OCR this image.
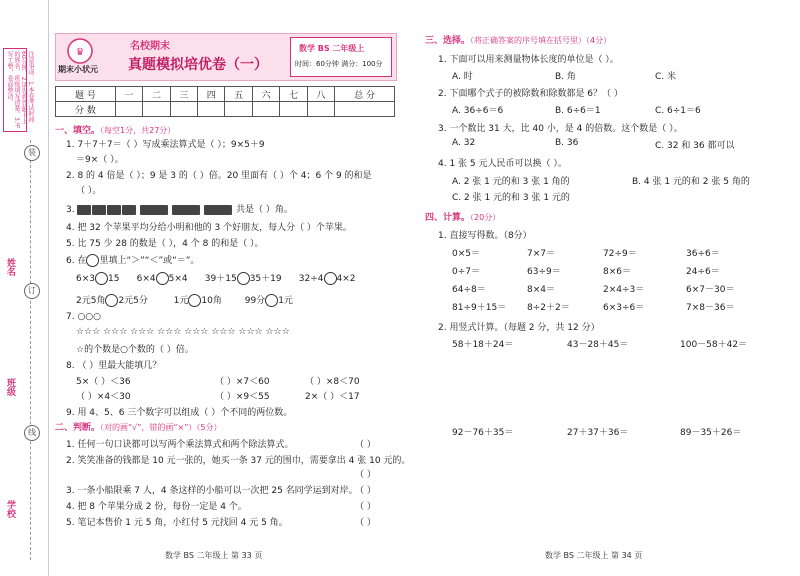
注意事项：1.本卷考试时间60分钟。2.请先将答题卡上的姓名、班级填写清楚。3.书写工整，卷面整洁。
装
订
线
姓名
班级
学校
♛
期末小状元
名校期末
真题模拟培优卷（一）
数学 BS 二年级上
时间：60分钟 满分：100分
题 号	一	二	三	四	五	六	七	八	总 分
分 数									
一、填空。（每空1分，共27分）
1. 7＋7＋7＝（ ）写成乘法算式是（ ）；9×5＋9
＝9×（ ）。
2. 8 的 4 倍是（ ）；9 是 3 的（ ）倍。20 里面有（ ）个 4；6 个 9 的和是
（ ）。
3.	共是（ ）角。
4. 把 32 个苹果平均分给小明和他的 3 个好朋友，每人分（ ）个苹果。
5. 比 75 少 28 的数是（ ），4 个 8 的和是（ ）。
6. 在 里填上“＞”“＜”或“＝”。
6×3 15 6×4 5×4 39＋15 35＋19 32÷4 4×2
2元5角 2元5分	1元 10角	99分 1元
7. ○○○
☆☆☆ ☆☆☆ ☆☆☆ ☆☆☆ ☆☆☆ ☆☆☆ ☆☆☆ ☆☆☆
☆的个数是○个数的（ ）倍。
8. （ ）里最大能填几？
5×（ ）＜36	（ ）×7＜60	（ ）×8＜70
（ ）×4＜30	（ ）×9＜55	2×（ ）＜17
9. 用 4、5、6 三个数字可以组成（ ）个不同的两位数。
二、判断。（对的画“√”，错的画“×”）（5分）
1. 任何一句口诀都可以写两个乘法算式和两个除法算式。	（ ）
2. 笑笑准备的钱都是 10 元一张的，她买一条 37 元的围巾，需要拿出 4 张 10 元的。
（ ）
3. 一条小船限乘 7 人，4 条这样的小船可以一次把 25 名同学运到对岸。
（ ）
4. 把 8 个苹果分成 2 份，每份一定是 4 个。	（ ）
5. 笔记本售价 1 元 5 角，小红付 5 元找回 4 元 5 角。	（ ）
数学 BS 二年级上 第 33 页
三、选择。（将正确答案的序号填在括号里）（4分）
1. 下面可以用来测量物体长度的单位是（ ）。
A. 时	B. 角	C. 米
2. 下面哪个式子的被除数和除数都是 6？（ ）
A. 36÷6＝6	B. 6÷6＝1	C. 6÷1＝6
3. 一个数比 31 大，比 40 小，是 4 的倍数。这个数是（ ）。
A. 32	B. 36	C. 32 和 36 都可以
4. 1 张 5 元人民币可以换（ ）。
A. 2 张 1 元的和 3 张 1 角的	B. 4 张 1 元的和 2 张 5 角的
C. 2 张 1 元的和 3 张 1 元的
四、计算。（20分）
1. 直接写得数。（8分）
0×5＝	7×7＝	72÷9＝	36÷6＝
0÷7＝	63÷9＝	8×6＝	24÷6＝
64÷8＝	8×4＝	2×4÷3＝	6×7－30＝
81÷9＋15＝ 8÷2＋2＝	6×3÷6＝	7×8－36＝
2. 用竖式计算。（每题 2 分，共 12 分）
58＋18＋24＝	43－28＋45＝	100－58＋42＝
92－76＋35＝	27＋37＋36＝	89－35＋26＝
数学 BS 二年级上 第 34 页
